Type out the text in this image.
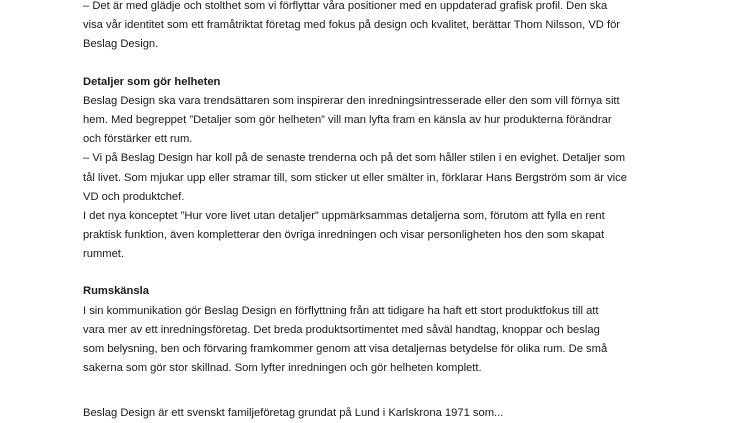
– Det är med glädje och stolthet som vi förflyttar våra positioner med en uppdaterad grafisk profil. Den ska
visa vår identitet som ett framåtriktat företag med fokus på design och kvalitet, berättar Thom Nilsson, VD för
Beslag Design.
Detaljer som gör helheten
Beslag Design ska vara trendsättaren som inspirerar den inredningsintresserade eller den som vill förnya sitt
hem. Med begreppet ”Detaljer som gör helheten” vill man lyfta fram en känsla av hur produkterna förändrar
och förstärker ett rum.
– Vi på Beslag Design har koll på de senaste trenderna och på det som håller stilen i en evighet. Detaljer som
tål livet. Som mjukar upp eller stramar till, som sticker ut eller smälter in, förklarar Hans Bergström som är vice
VD och produktchef.
I det nya konceptet ”Hur vore livet utan detaljer” uppmärksammas detaljerna som, förutom att fylla en rent
praktisk funktion, även kompletterar den övriga inredningen och visar personligheten hos den som skapat
rummet.
Rumskänsla
I sin kommunikation gör Beslag Design en förflyttning från att tidigare ha haft ett stort produktfokus till att
vara mer av ett inredningsföretag. Det breda produktsortimentet med såväl handtag, knoppar och beslag
som belysning, ben och förvaring framkommer genom att visa detaljernas betydelse för olika rum. De små
sakerna som gör stor skillnad. Som lyfter inredningen och gör helheten komplett.
Beslag Design är ett svenskt familjeföretag grundat på Lund i Karlskrona 1971 som...
